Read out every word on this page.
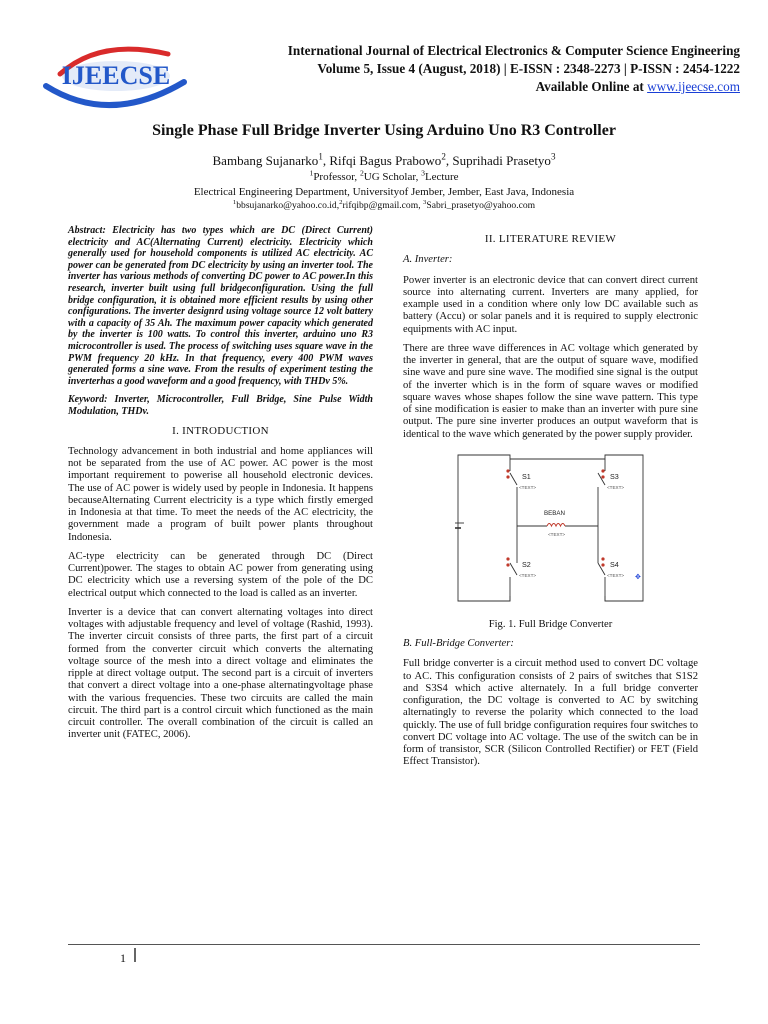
IJEECSE
International Journal of Electrical Electronics & Computer Science Engineering
Volume 5, Issue 4 (August, 2018) | E-ISSN : 2348-2273 | P-ISSN : 2454-1222
Available Online at www.ijeecse.com
Single Phase Full Bridge Inverter Using Arduino Uno R3 Controller
Bambang Sujanarko$^1$, Rifqi Bagus Prabowo$^2$, Suprihadi Prasetyo$^3$
$^1$Professor, $^2$UG Scholar, $^3$Lecture
Electrical Engineering Department, Universityof Jember, Jember, East Java, Indonesia
$^1$bbsujanarko@yahoo.co.id,$^2$rifqibp@gmail.com, $^3$Sabri_prasetyo@yahoo.com

Abstract: Electricity has two types which are DC (Direct Current) electricity and AC(Alternating Current) electricity. Electricity which generally used for household components is utilized AC electricity. AC power can be generated from DC electricity by using an inverter tool. The inverter has various methods of converting DC power to AC power.In this research, inverter built using full bridgeconfiguration. Using the full bridge configuration, it is obtained more efficient results by using other configurations. The inverter designrd using voltage source 12 volt battery with a capacity of 35 Ah. The maximum power capacity which generated by the inverter is 100 watts. To control this inverter, arduino uno R3 microcontroller is used. The process of switching uses square wave in the PWM frequency 20 kHz. In that frequency, every 400 PWM waves generated forms a sine wave. From the results of experiment testing the inverterhas a good waveform and a good frequency, with THDv 5%.

Keyword: Inverter, Microcontroller, Full Bridge, Sine Pulse Width Modulation, THDv.

I. INTRODUCTION

Technology advancement in both industrial and home appliances will not be separated from the use of AC power. AC power is the most important requirement to powerise all household electronic devices. The use of AC power is widely used by people in Indonesia. It happens becauseAlternating Current electricity is a type which firstly emerged in Indonesia at that time. To meet the needs of the AC electricity, the government made a program of built power plants throughout Indonesia.

AC-type electricity can be generated through DC (Direct Current)power. The stages to obtain AC power from generating using DC electricity which use a reversing system of the pole of the DC electrical output which connected to the load is called as an inverter.

Inverter is a device that can convert alternating voltages into direct voltages with adjustable frequency and level of voltage (Rashid, 1993). The inverter circuit consists of three parts, the first part of a circuit formed from the converter circuit which converts the alternating voltage source of the mesh into a direct voltage and eliminates the ripple at direct voltage output. The second part is a circuit of inverters that convert a direct voltage into a one-phase alternatingvoltage phase with the various frequencies. These two circuits are called the main circuit. The third part is a control circuit which functioned as the main circuit controller. The overall combination of the circuit is called an inverter unit (FATEC, 2006).

II. LITERATURE REVIEW
A. Inverter:

Power inverter is an electronic device that can convert direct current source into alternating current. Inverters are many applied, for example used in a condition where only low DC available such as battery (Accu) or solar panels and it is required to supply electronic equipments with AC input.

There are three wave differences in AC voltage which generated by the inverter in general, that are the output of square wave, modified sine wave and pure sine wave. The modified sine signal is the output of the inverter which is in the form of square waves or modified square waves whose shapes follow the sine wave pattern. This type of sine modification is easier to make than an inverter with pure sine output. The pure sine inverter produces an output waveform that is identical to the wave which generated by the power supply provider.

✥
S1	S3
S2	S4
BEBAN
<TEXT>	<TEXT>
<TEXT>
<TEXT>	<TEXT>
Fig. 1. Full Bridge Converter
B. Full-Bridge Converter:

Full bridge converter is a circuit method used to convert DC voltage to AC. This configuration consists of 2 pairs of switches that S1S2 and S3S4 which active alternately. In a full bridge converter configuration, the DC voltage is converted to AC by switching alternatingly to reverse the polarity which connected to the load quickly. The use of full bridge configuration requires four switches to convert DC voltage into AC voltage. The use of the switch can be in form of transistor, SCR (Silicon Controlled Rectifier) or FET (Field Effect Transistor).

1
